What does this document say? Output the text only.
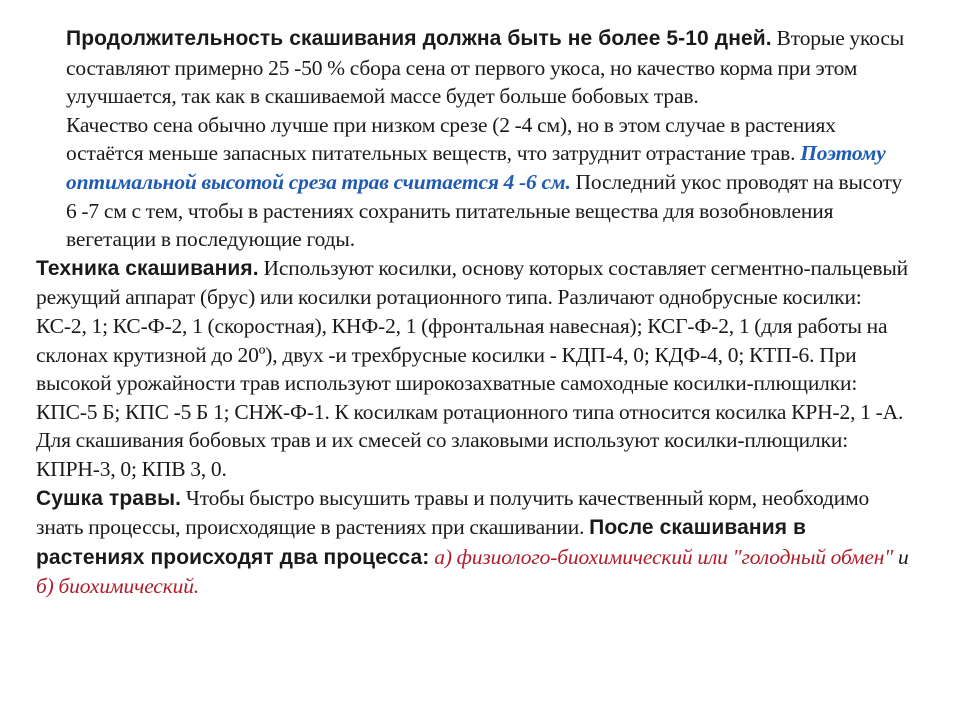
Продолжительность скашивания должна быть не более 5-10 дней. Вторые укосы составляют примерно 25 -50 % сбора сена от первого укоса, но качество корма при этом улучшается, так как в скашиваемой массе будет больше бобовых трав.

Качество сена обычно лучше при низком срезе (2 -4 см), но в этом случае в растениях остаётся меньше запасных питательных веществ, что затруднит отрастание трав. Поэтому оптимальной высотой среза трав считается 4 -6 см. Последний укос проводят на высоту 6 -7 см с тем, чтобы в растениях сохранить питательные вещества для возобновления вегетации в последующие годы.

Техника скашивания. Используют косилки, основу которых составляет сегментно-пальцевый режущий аппарат (брус) или косилки ротационного типа. Различают однобрусные косилки: КС-2, 1; КС-Ф-2, 1 (скоростная), КНФ-2, 1 (фронтальная навесная); КСГ-Ф-2, 1 (для работы на склонах крутизной до 20º), двух -и трехбрусные косилки - КДП-4, 0; КДФ-4, 0; КТП-6. При высокой урожайности трав используют широкозахватные самоходные косилки-плющилки: КПС-5 Б; КПС -5 Б 1; СНЖ-Ф-1. К косилкам ротационного типа относится косилка КРН-2, 1 -А. Для скашивания бобовых трав и их смесей со злаковыми используют косилки-плющилки: КПРН-3, 0; КПВ 3, 0.

Сушка травы. Чтобы быстро высушить травы и получить качественный корм, необходимо знать процессы, происходящие в растениях при скашивании. После скашивания в растениях происходят два процесса: а) физиолого-биохимический или "голодный обмен" и б) биохимический.
